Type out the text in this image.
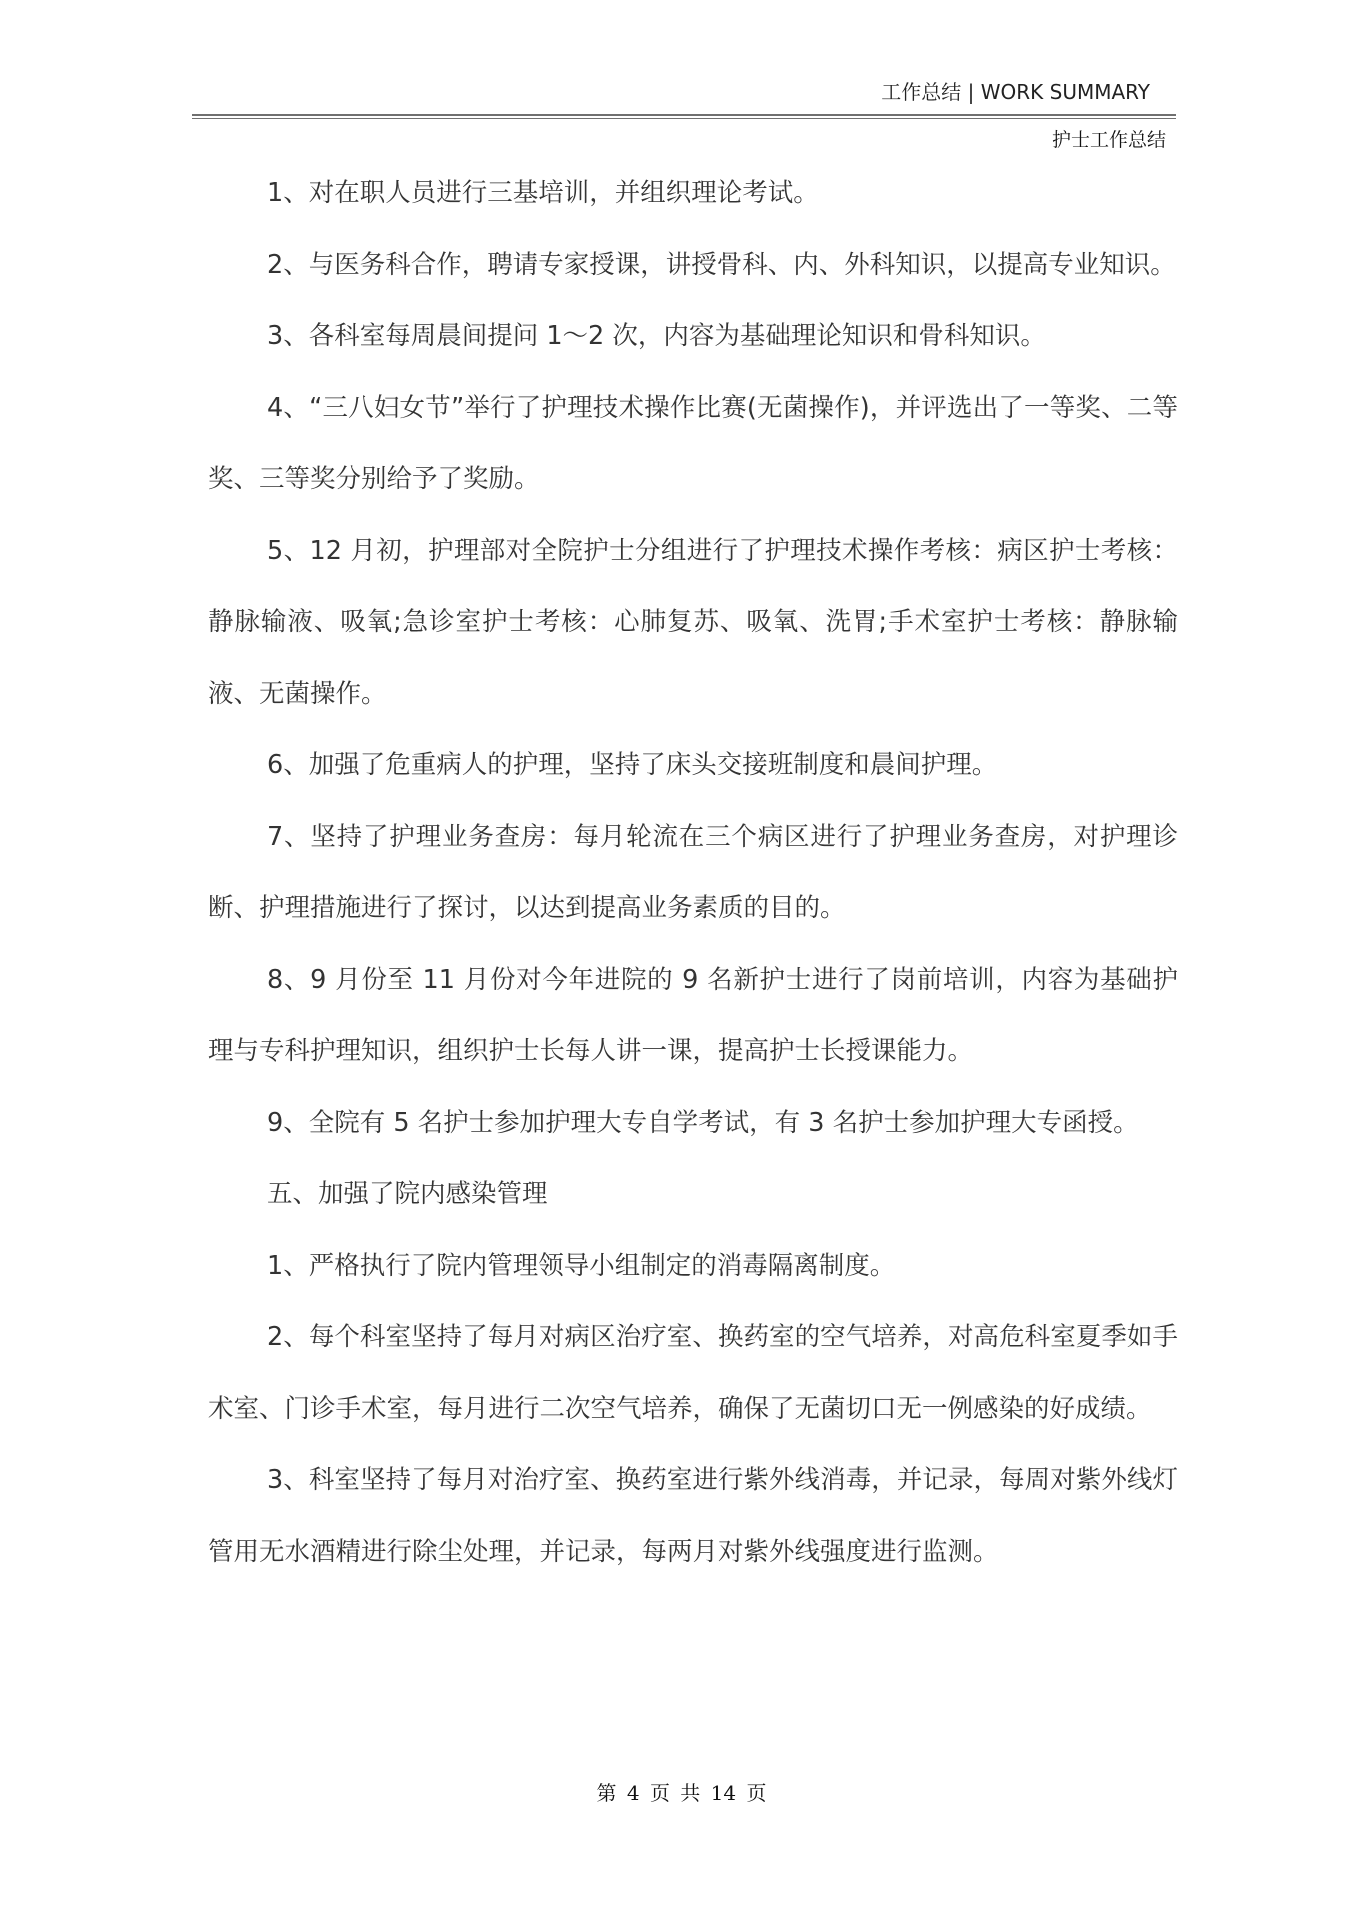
工作总结 | WORK SUMMARY
护士工作总结

1、对在职人员进行三基培训，并组织理论考试。

2、与医务科合作，聘请专家授课，讲授骨科、内、外科知识，以提高专业知识。

3、各科室每周晨间提问 1～2 次，内容为基础理论知识和骨科知识。

4、“三八妇女节”举行了护理技术操作比赛(无菌操作)，并评选出了一等奖、二等奖、三等奖分别给予了奖励。

5、12 月初，护理部对全院护士分组进行了护理技术操作考核：病区护士考核：静脉输液、吸氧;急诊室护士考核：心肺复苏、吸氧、洗胃;手术室护士考核：静脉输液、无菌操作。

6、加强了危重病人的护理，坚持了床头交接班制度和晨间护理。

7、坚持了护理业务查房：每月轮流在三个病区进行了护理业务查房，对护理诊断、护理措施进行了探讨，以达到提高业务素质的目的。

8、9 月份至 11 月份对今年进院的 9 名新护士进行了岗前培训，内容为基础护理与专科护理知识，组织护士长每人讲一课，提高护士长授课能力。

9、全院有 5 名护士参加护理大专自学考试，有 3 名护士参加护理大专函授。

五、加强了院内感染管理

1、严格执行了院内管理领导小组制定的消毒隔离制度。

2、每个科室坚持了每月对病区治疗室、换药室的空气培养，对高危科室夏季如手术室、门诊手术室，每月进行二次空气培养，确保了无菌切口无一例感染的好成绩。

3、科室坚持了每月对治疗室、换药室进行紫外线消毒，并记录，每周对紫外线灯管用无水酒精进行除尘处理，并记录，每两月对紫外线强度进行监测。

第 4 页 共 14 页
